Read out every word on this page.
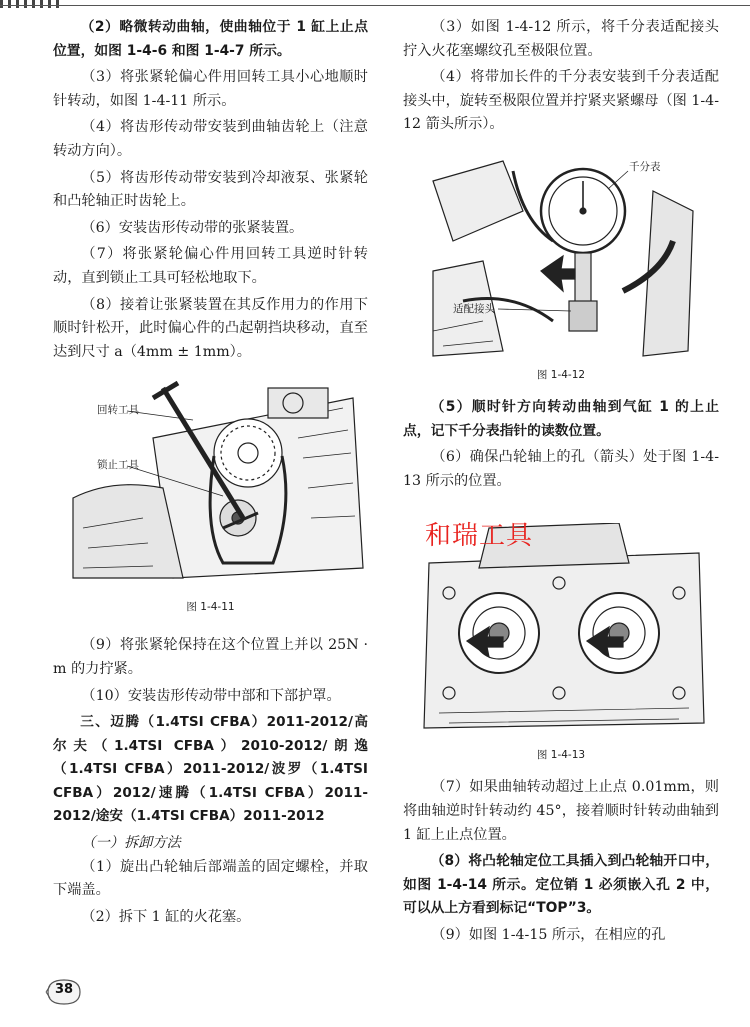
（2）略微转动曲轴，使曲轴位于 1 缸上止点位置，如图 1-4-6 和图 1-4-7 所示。

（3）将张紧轮偏心件用回转工具小心地顺时针转动，如图 1-4-11 所示。

（4）将齿形传动带安装到曲轴齿轮上（注意转动方向）。

（5）将齿形传动带安装到冷却液泵、张紧轮和凸轮轴正时齿轮上。

（6）安装齿形传动带的张紧装置。

（7）将张紧轮偏心件用回转工具逆时针转动，直到锁止工具可轻松地取下。

（8）接着让张紧装置在其反作用力的作用下顺时针松开，此时偏心件的凸起朝挡块移动，直至达到尺寸 a（4mm ± 1mm）。

回转工具
锁止工具
图 1-4-11

（9）将张紧轮保持在这个位置上并以 25N · m 的力拧紧。

（10）安装齿形传动带中部和下部护罩。

三、迈腾（1.4TSI CFBA）2011-2012/高尔夫（1.4TSI CFBA）2010-2012/朗逸（1.4TSI CFBA）2011-2012/波罗（1.4TSI CFBA）2012/速腾（1.4TSI CFBA）2011-2012/途安（1.4TSI CFBA）2011-2012

（一）拆卸方法

（1）旋出凸轮轴后部端盖的固定螺栓，并取下端盖。

（2）拆下 1 缸的火花塞。

（3）如图 1-4-12 所示，将千分表适配接头拧入火花塞螺纹孔至极限位置。

（4）将带加长件的千分表安装到千分表适配接头中，旋转至极限位置并拧紧夹紧螺母（图 1-4-12 箭头所示）。

千分表
适配接头
图 1-4-12

（5）顺时针方向转动曲轴到气缸 1 的上止点，记下千分表指针的读数位置。

（6）确保凸轮轴上的孔（箭头）处于图 1-4-13 所示的位置。

和瑞工具
图 1-4-13

（7）如果曲轴转动超过上止点 0.01mm，则将曲轴逆时针转动约 45°，接着顺时针转动曲轴到 1 缸上止点位置。

（8）将凸轮轴定位工具插入到凸轮轴开口中，如图 1-4-14 所示。定位销 1 必须嵌入孔 2 中，可以从上方看到标记“TOP”3。

（9）如图 1-4-15 所示，在相应的孔

38
